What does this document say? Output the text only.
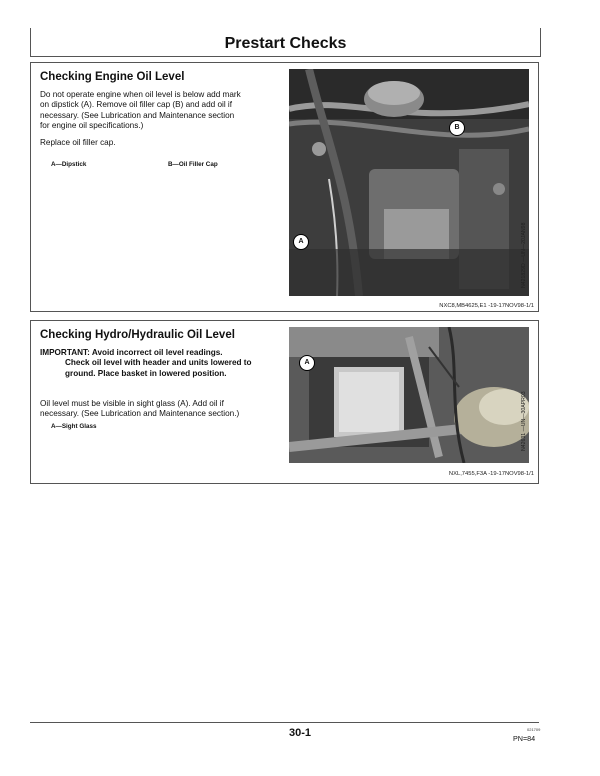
Prestart Checks
Checking Engine Oil Level
Do not operate engine when oil level is below add mark
on dipstick (A). Remove oil filler cap (B) and add oil if
necessary. (See Lubrication and Maintenance section
for engine oil specifications.)
Replace oil filler cap.
A—Dipstick	B—Oil Filler Cap
B
A	N421829D —UN—20JAN98
NXC8,MB4625,E1 -19-17NOV98-1/1
Checking Hydro/Hydraulic Oil Level
IMPORTANT: Avoid incorrect oil level readings.
Check oil level with header and units lowered to
ground. Place basket in lowered position.
Oil level must be visible in sight glass (A). Add oil if
necessary. (See Lubrication and Maintenance section.)
A—Sight Glass
A
N42631 —UN—30APR03
NXL,7455,F3A -19-17NOV98-1/1
30-1	021709
PN=84
